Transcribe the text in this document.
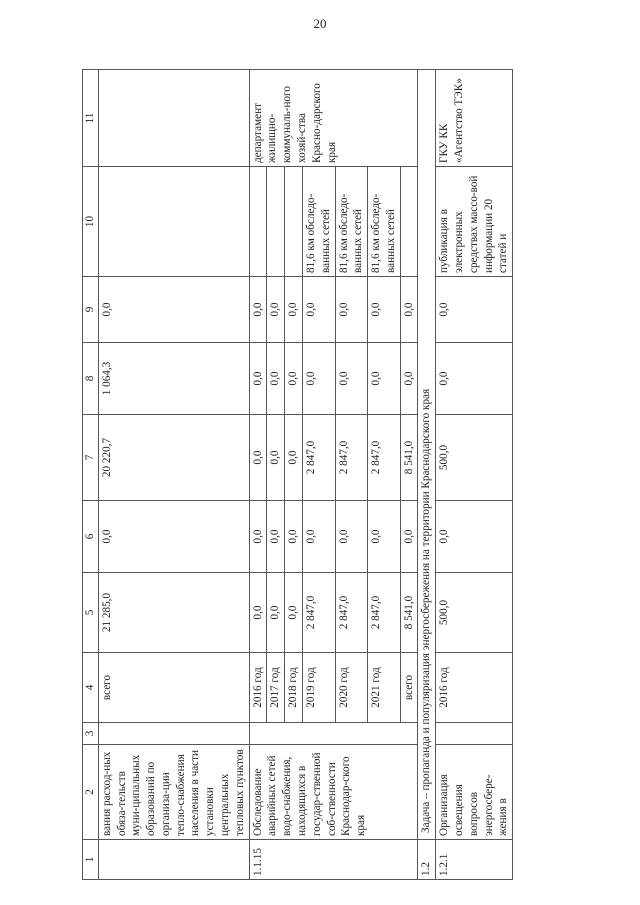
20
1	2	3	4	5	6	7	8	9	10	11
	вания расход-ных обяза-тельств муни-ципальных образований по организа-ции тепло-снабжения населения в части установки центральных тепловых пунктов		всего	21 285,0	0,0	20 220,7	1 064,3	0,0		
1.1.15	Обследование аварийных сетей водо-снабжения, находящихся в государ-ственной соб-ственности Краснодар-ского края		2016 год	0,0	0,0	0,0	0,0	0,0		департамент жилищно-коммуналь-ного хозяй-ства Красно-дарского края
			2017 год	0,0	0,0	0,0	0,0	0,0		
			2018 год	0,0	0,0	0,0	0,0	0,0		
			2019 год	2 847,0	0,0	2 847,0	0,0	0,0	81,6 км обследо-ванных сетей	
			2020 год	2 847,0	0,0	2 847,0	0,0	0,0	81,6 км обследо-ванных сетей	
			2021 год	2 847,0	0,0	2 847,0	0,0	0,0	81,6 км обследо-ванных сетей	
			всего	8 541,0	0,0	8 541,0	0,0	0,0		
1.2	Задача – пропаганда и популяризация энергосбережения на территории Краснодарского края									
1.2.1	Организация освещения вопросов энергосбере-жения в		2016 год	500,0	0,0	500,0	0,0	0,0	публикация в электронных средствах массо-вой информации 20 статей и	ГКУ КК «Агентство ТЭК»
